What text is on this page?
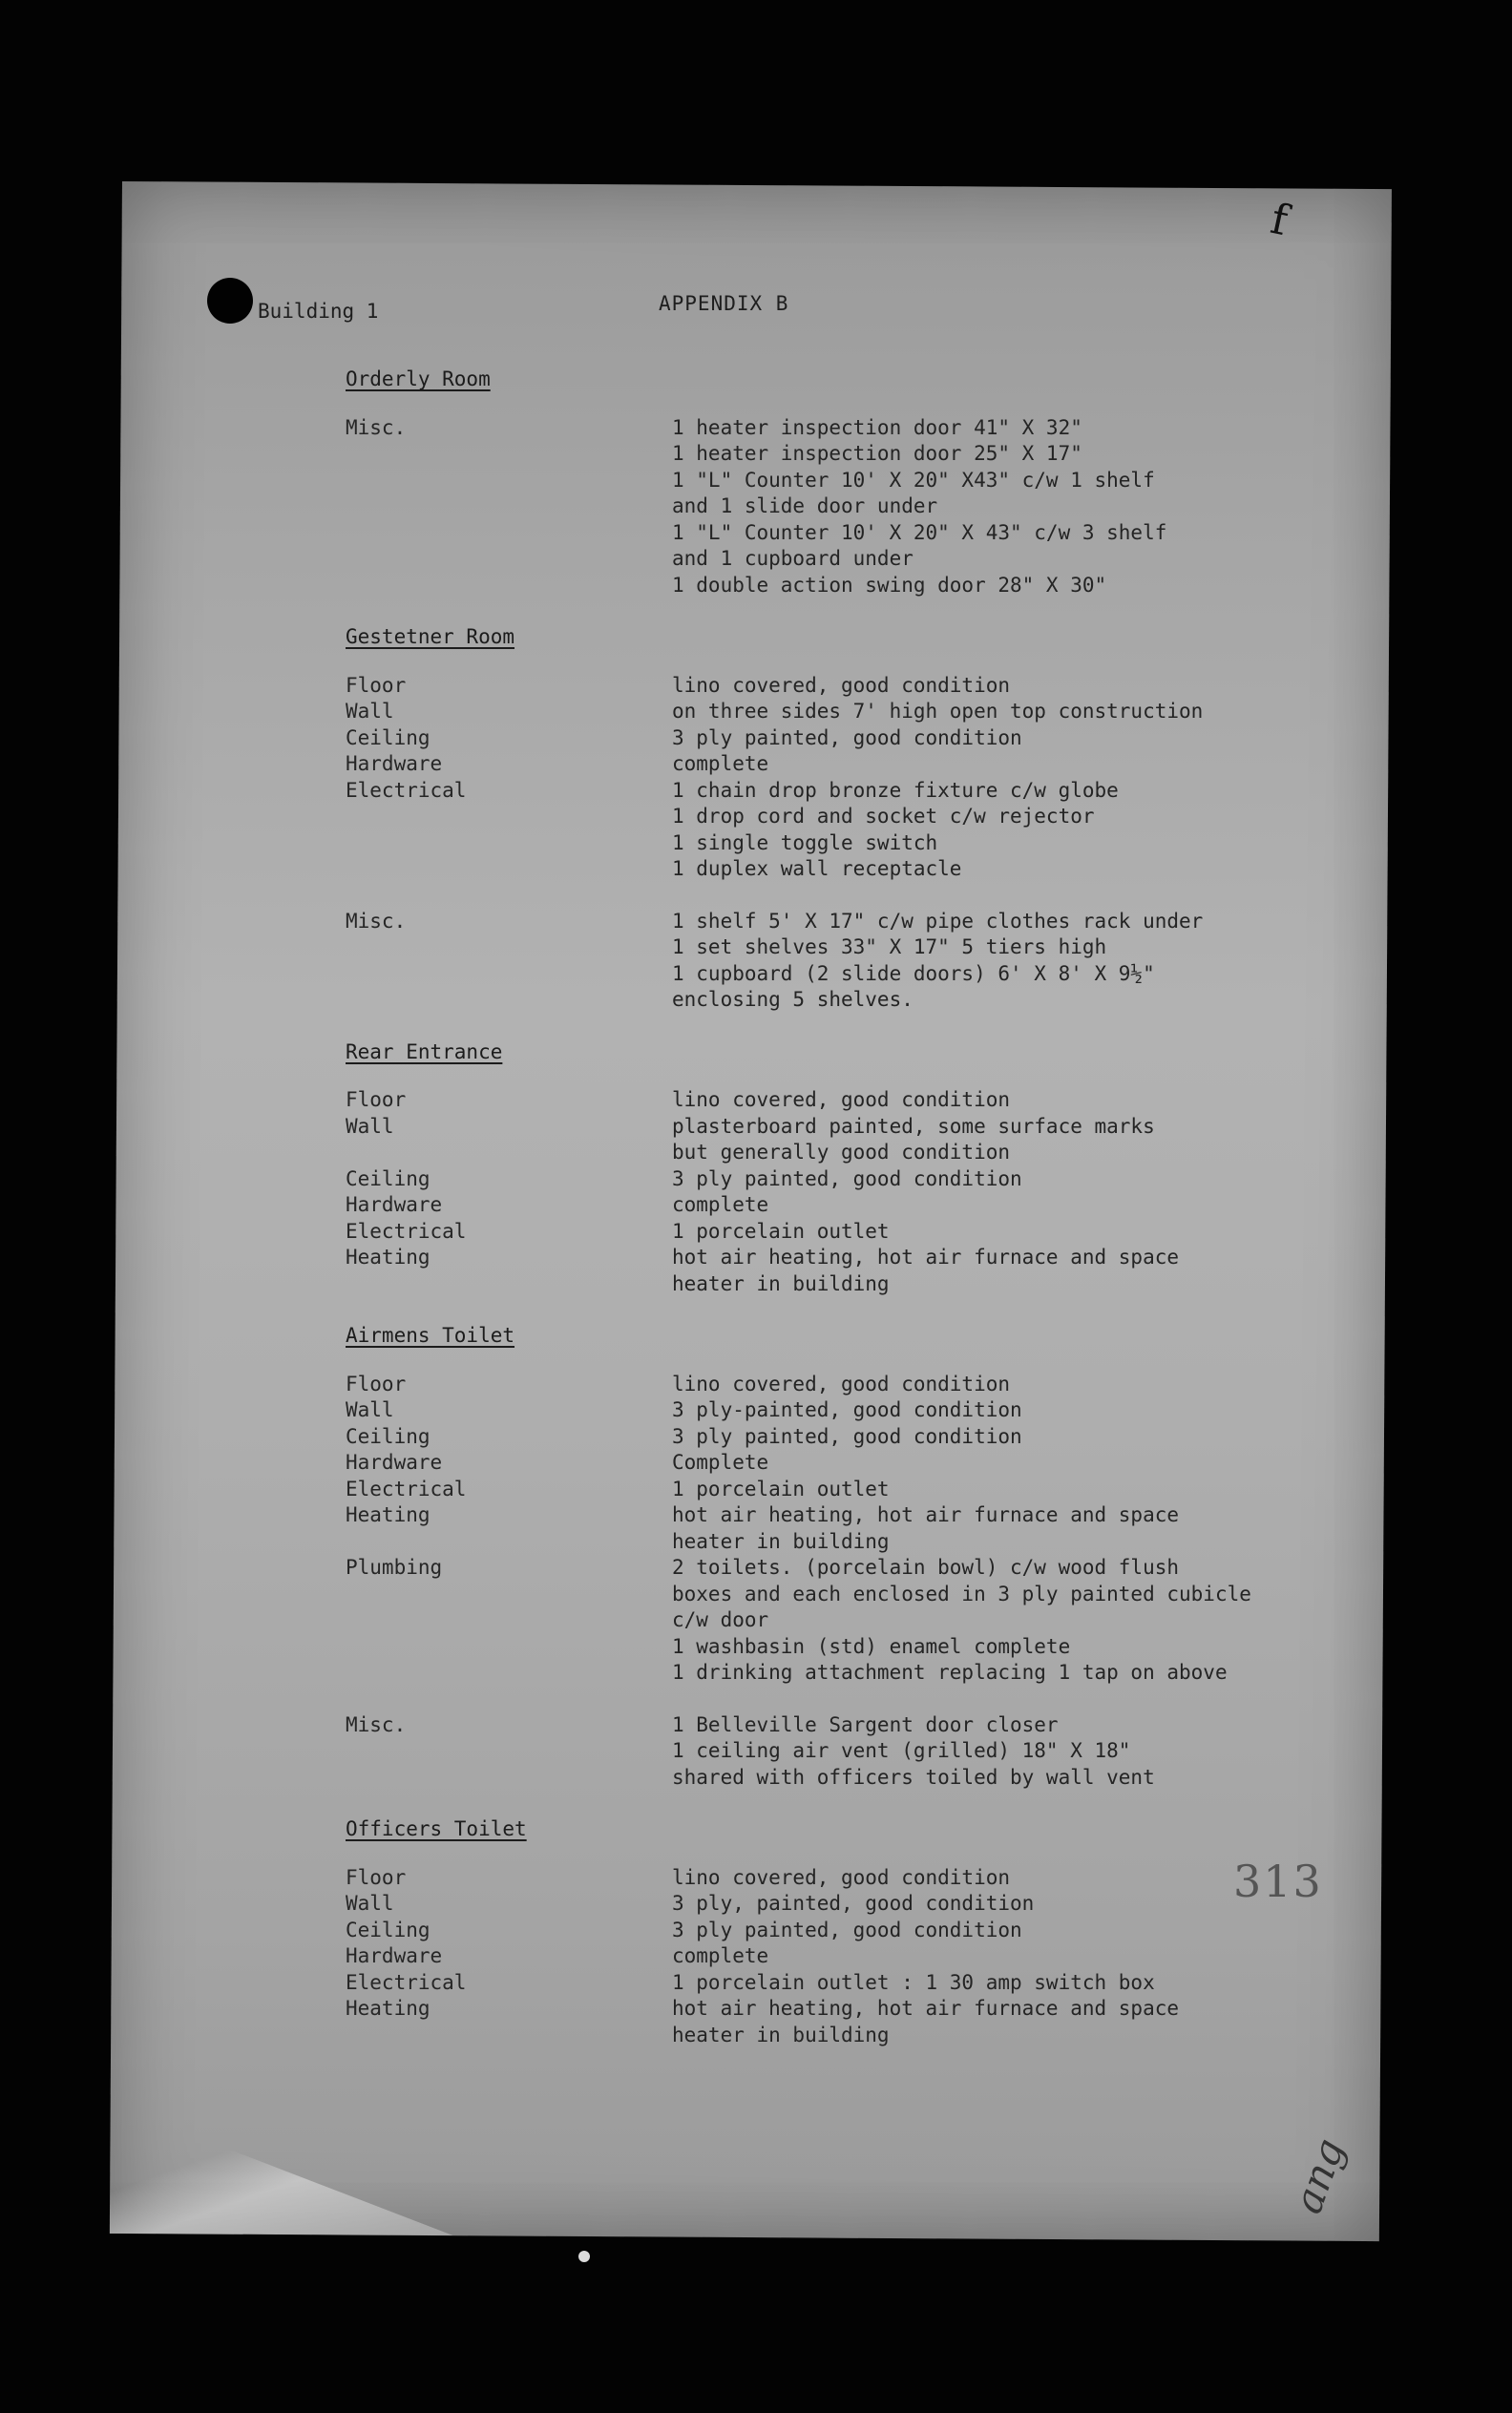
f
313
ang
Building 1	APPENDIX B
Orderly Room
Misc.	1 heater inspection door 41" X 32"
1 heater inspection door 25" X 17"
1 "L" Counter 10' X 20" X43" c/w 1 shelf
and 1 slide door under
1 "L" Counter 10' X 20" X 43" c/w 3 shelf
and 1 cupboard under
1 double action swing door 28" X 30"
Gestetner Room
Floor	lino covered, good condition
Wall	on three sides 7' high open top construction
Ceiling	3 ply painted, good condition
Hardware	complete
Electrical	1 chain drop bronze fixture c/w globe
1 drop cord and socket c/w rejector
1 single toggle switch
1 duplex wall receptacle
Misc.	1 shelf 5' X 17" c/w pipe clothes rack under
1 set shelves 33" X 17" 5 tiers high
1 cupboard (2 slide doors) 6' X 8' X 9½"
enclosing 5 shelves.
Rear Entrance
Floor	lino covered, good condition
Wall	plasterboard painted, some surface marks
but generally good condition
Ceiling	3 ply painted, good condition
Hardware	complete
Electrical	1 porcelain outlet
Heating	hot air heating, hot air furnace and space
heater in building
Airmens Toilet
Floor	lino covered, good condition
Wall	3 ply-painted, good condition
Ceiling	3 ply painted, good condition
Hardware	Complete
Electrical	1 porcelain outlet
Heating	hot air heating, hot air furnace and space
heater in building
Plumbing	2 toilets. (porcelain bowl) c/w wood flush
boxes and each enclosed in 3 ply painted cubicle
c/w door
1 washbasin (std) enamel complete
1 drinking attachment replacing 1 tap on above
Misc.	1 Belleville Sargent door closer
1 ceiling air vent (grilled) 18" X 18"
shared with officers toiled by wall vent
Officers Toilet
Floor	lino covered, good condition
Wall	3 ply, painted, good condition
Ceiling	3 ply painted, good condition
Hardware	complete
Electrical	1 porcelain outlet : 1 30 amp switch box
Heating	hot air heating, hot air furnace and space
heater in building
